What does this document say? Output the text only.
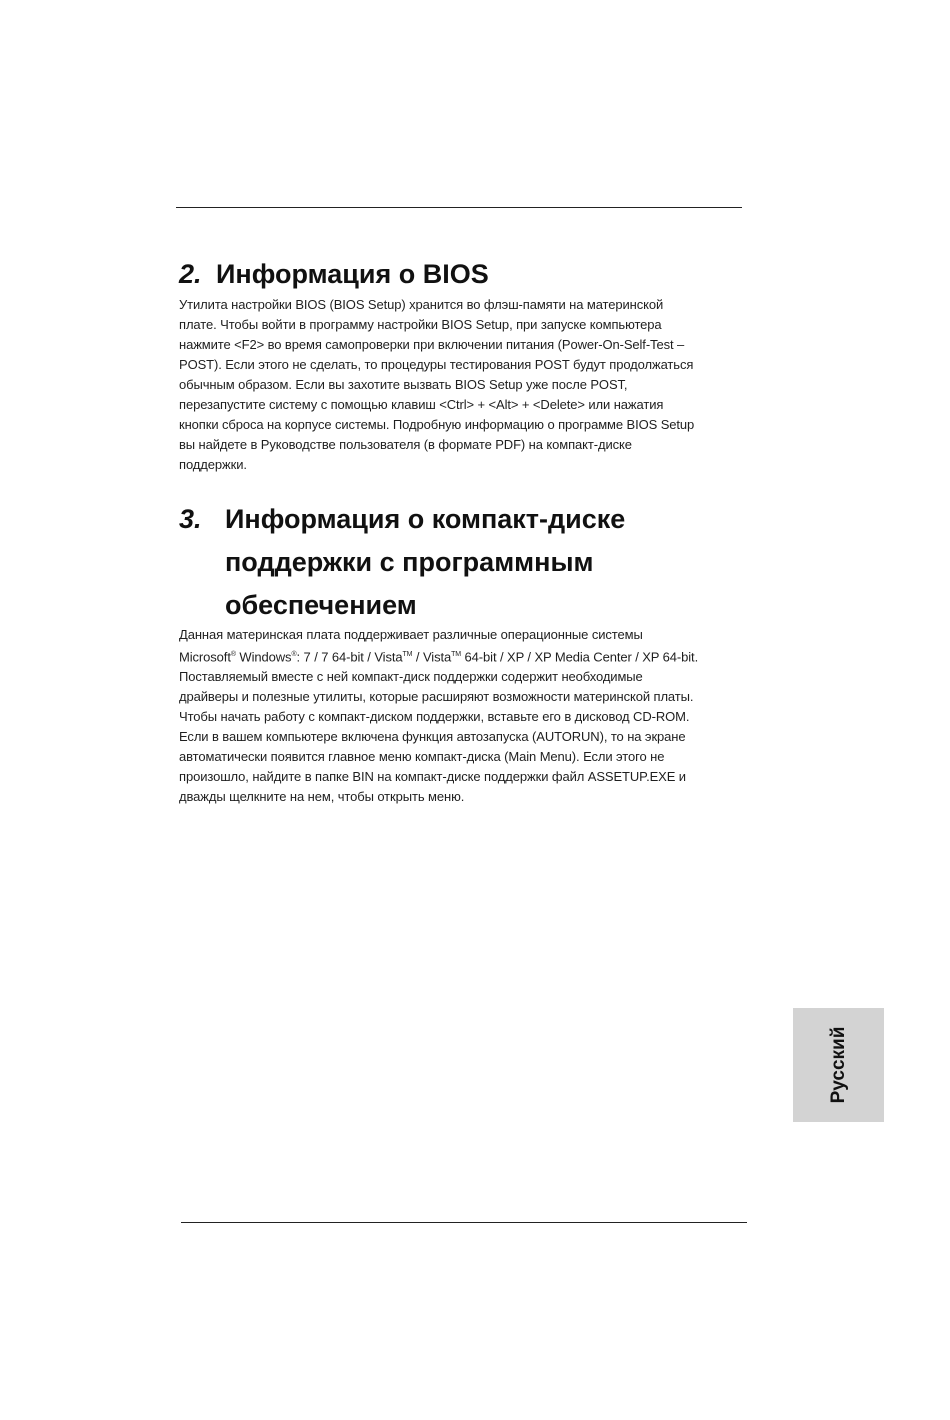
2. Информация о BIOS
Утилита настройки BIOS (BIOS Setup) хранится во флэш-памяти на материнской
плате. Чтобы войти в программу настройки BIOS Setup, при запуске компьютера
нажмите <F2> во время самопроверки при включении питания (Power-On-Self-Test –
POST). Если этого не сделать, то процедуры тестирования POST будут продолжаться
обычным образом. Если вы захотите вызвать BIOS Setup уже после POST,
перезапустите систему с помощью клавиш <Ctrl> + <Alt> + <Delete> или нажатия
кнопки сброса на корпусе системы. Подробную информацию о программе BIOS Setup
вы найдете в Руководстве пользователя (в формате PDF) на компакт-диске
поддержки.
3. Информация о компакт-диске
поддержки с программным
обеспечением
Данная материнская плата поддерживает различные операционные системы
Microsoft® Windows®: 7 / 7 64-bit / Vista™ / Vista™ 64-bit / XP / XP Media Center / XP 64-bit.
Поставляемый вместе с ней компакт-диск поддержки содержит необходимые
драйверы и полезные утилиты, которые расширяют возможности материнской платы.
Чтобы начать работу с компакт-диском поддержки, вставьте его в дисковод CD-ROM.
Если в вашем компьютере включена функция автозапуска (AUTORUN), то на экране
автоматически появится главное меню компакт-диска (Main Menu). Если этого не
произошло, найдите в папке BIN на компакт-диске поддержки файл ASSETUP.EXE и
дважды щелкните на нем, чтобы открыть меню.
Русский
